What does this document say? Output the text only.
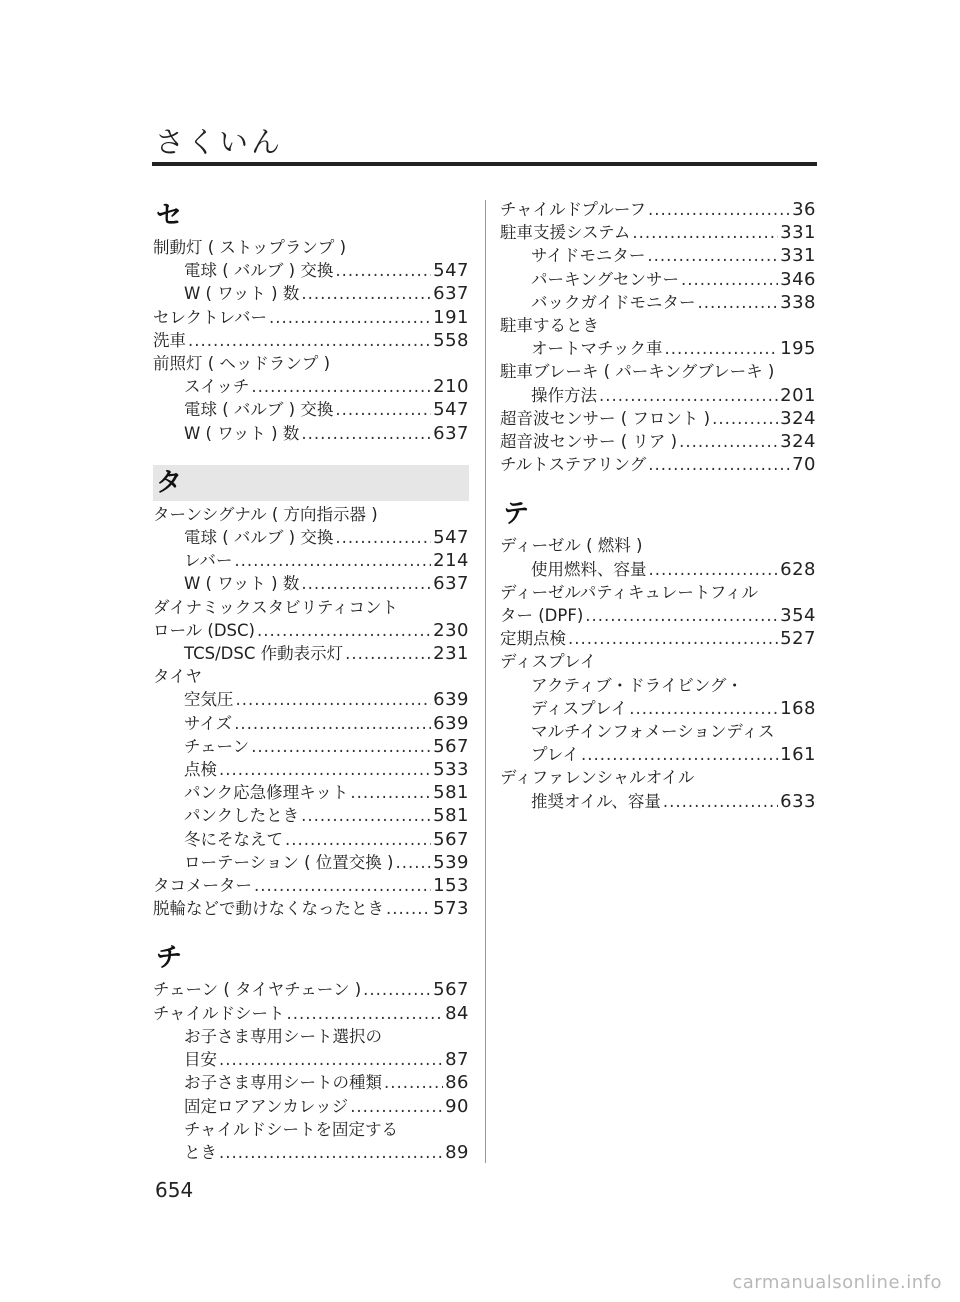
さくいん
セ
制動灯 ( ストップランプ )
電球 ( バルブ ) 交換 .....	547
W ( ワット ) 数 .....	637
セレクトレバー .....	191
洗車 .....	558
前照灯 ( ヘッドランプ )
スイッチ .....	210
電球 ( バルブ ) 交換 .....	547
W ( ワット ) 数 .....	637
タ
ターンシグナル ( 方向指示器 )
電球 ( バルブ ) 交換 .....	547
レバー .....	214
W ( ワット ) 数 .....	637
ダイナミックスタビリティコント
ロール (DSC) .....	230
TCS/DSC 作動表示灯 .....	231
タイヤ
空気圧 .....	639
サイズ .....	639
チェーン .....	567
点検 .....	533
パンク応急修理キット .....	581
パンクしたとき .....	581
冬にそなえて .....	567
ローテーション ( 位置交換 ) ..... 539
タコメーター .....	153
脱輪などで動けなくなったとき .....	573
チ
チェーン ( タイヤチェーン ) .....	567
チャイルドシート .....	84
お子さま専用シート選択の
目安 .....	87
お子さま専用シートの種類 .....	86
固定ロアアンカレッジ .....	90
チャイルドシートを固定する
とき .....	89
チャイルドプルーフ .....	36
駐車支援システム .....	331
サイドモニター .....	331
パーキングセンサー .....	346
バックガイドモニター .....	338
駐車するとき
オートマチック車 .....	195
駐車ブレーキ ( パーキングブレーキ )
操作方法 .....	201
超音波センサー ( フロント ) .....	324
超音波センサー ( リア ) .....	324
チルトステアリング .....	70
テ
ディーゼル ( 燃料 )
使用燃料、容量 .....	628
ディーゼルパティキュレートフィル
ター (DPF) .....	354
定期点検 .....	527
ディスプレイ
アクティブ・ドライビング・
ディスプレイ .....	168
マルチインフォメーションディス
プレイ .....	161
ディファレンシャルオイル
推奨オイル、容量 .....	633
654
carmanualsonline.info
